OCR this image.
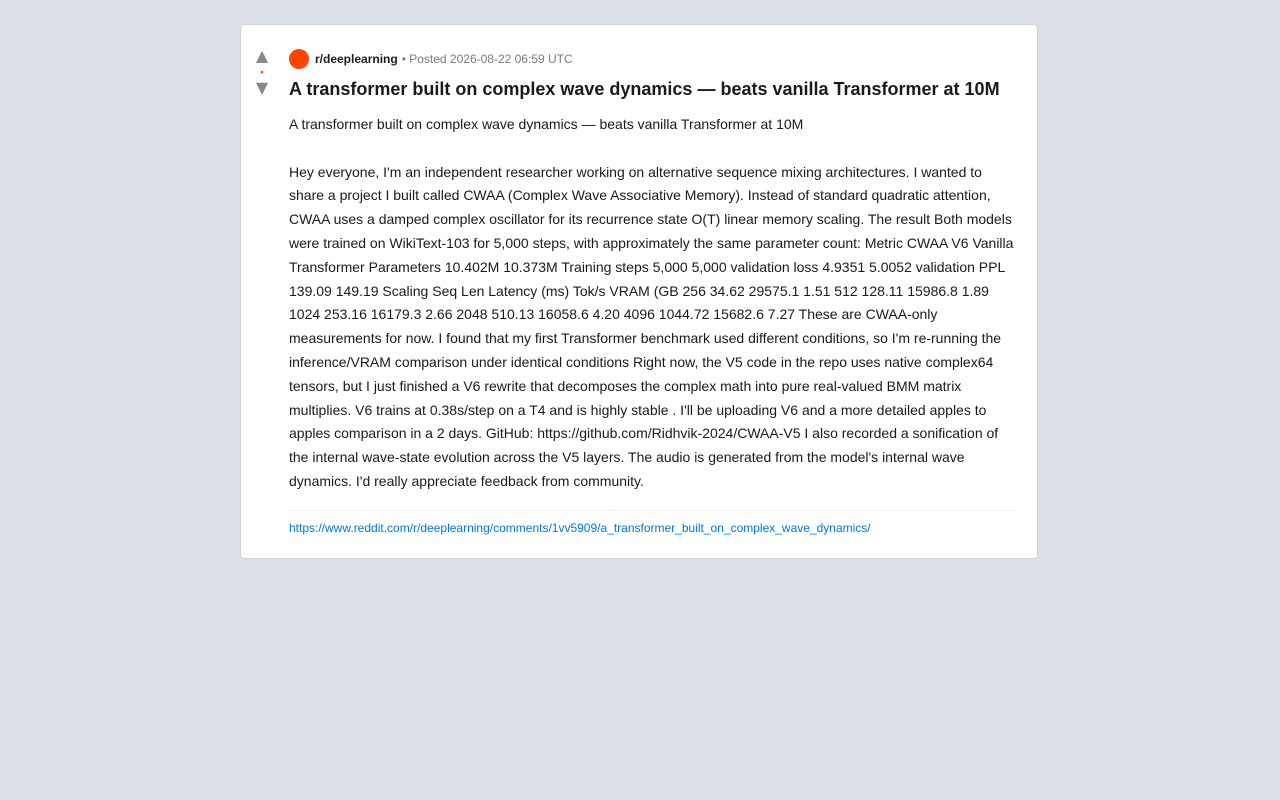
▲
•
▼
r/deeplearning • Posted 2026-08-22 06:59 UTC
A transformer built on complex wave dynamics — beats vanilla Transformer at 10M

A transformer built on complex wave dynamics — beats vanilla Transformer at 10M

Hey everyone, I'm an independent researcher working on alternative sequence mixing architectures. I wanted to share a project I built called CWAA (Complex Wave Associative Memory). Instead of standard quadratic attention, CWAA uses a damped complex oscillator for its recurrence state O(T) linear memory scaling. The result Both models were trained on WikiText-103 for 5,000 steps, with approximately the same parameter count: Metric CWAA V6 Vanilla Transformer Parameters 10.402M 10.373M Training steps 5,000 5,000 validation loss 4.9351 5.0052 validation PPL 139.09 149.19 Scaling Seq Len Latency (ms) Tok/s VRAM (GB 256 34.62 29575.1 1.51 512 128.11 15986.8 1.89 1024 253.16 16179.3 2.66 2048 510.13 16058.6 4.20 4096 1044.72 15682.6 7.27 These are CWAA-only measurements for now. I found that my first Transformer benchmark used different conditions, so I'm re-running the inference/VRAM comparison under identical conditions Right now, the V5 code in the repo uses native complex64 tensors, but I just finished a V6 rewrite that decomposes the complex math into pure real-valued BMM matrix multiplies. V6 trains at 0.38s/step on a T4 and is highly stable . I'll be uploading V6 and a more detailed apples to apples comparison in a 2 days. GitHub: https://github.com/Ridhvik-2024/CWAA-V5 I also recorded a sonification of the internal wave-state evolution across the V5 layers. The audio is generated from the model's internal wave dynamics. I'd really appreciate feedback from community.

https://www.reddit.com/r/deeplearning/comments/1vv5909/a_transformer_built_on_complex_wave_dynamics/
